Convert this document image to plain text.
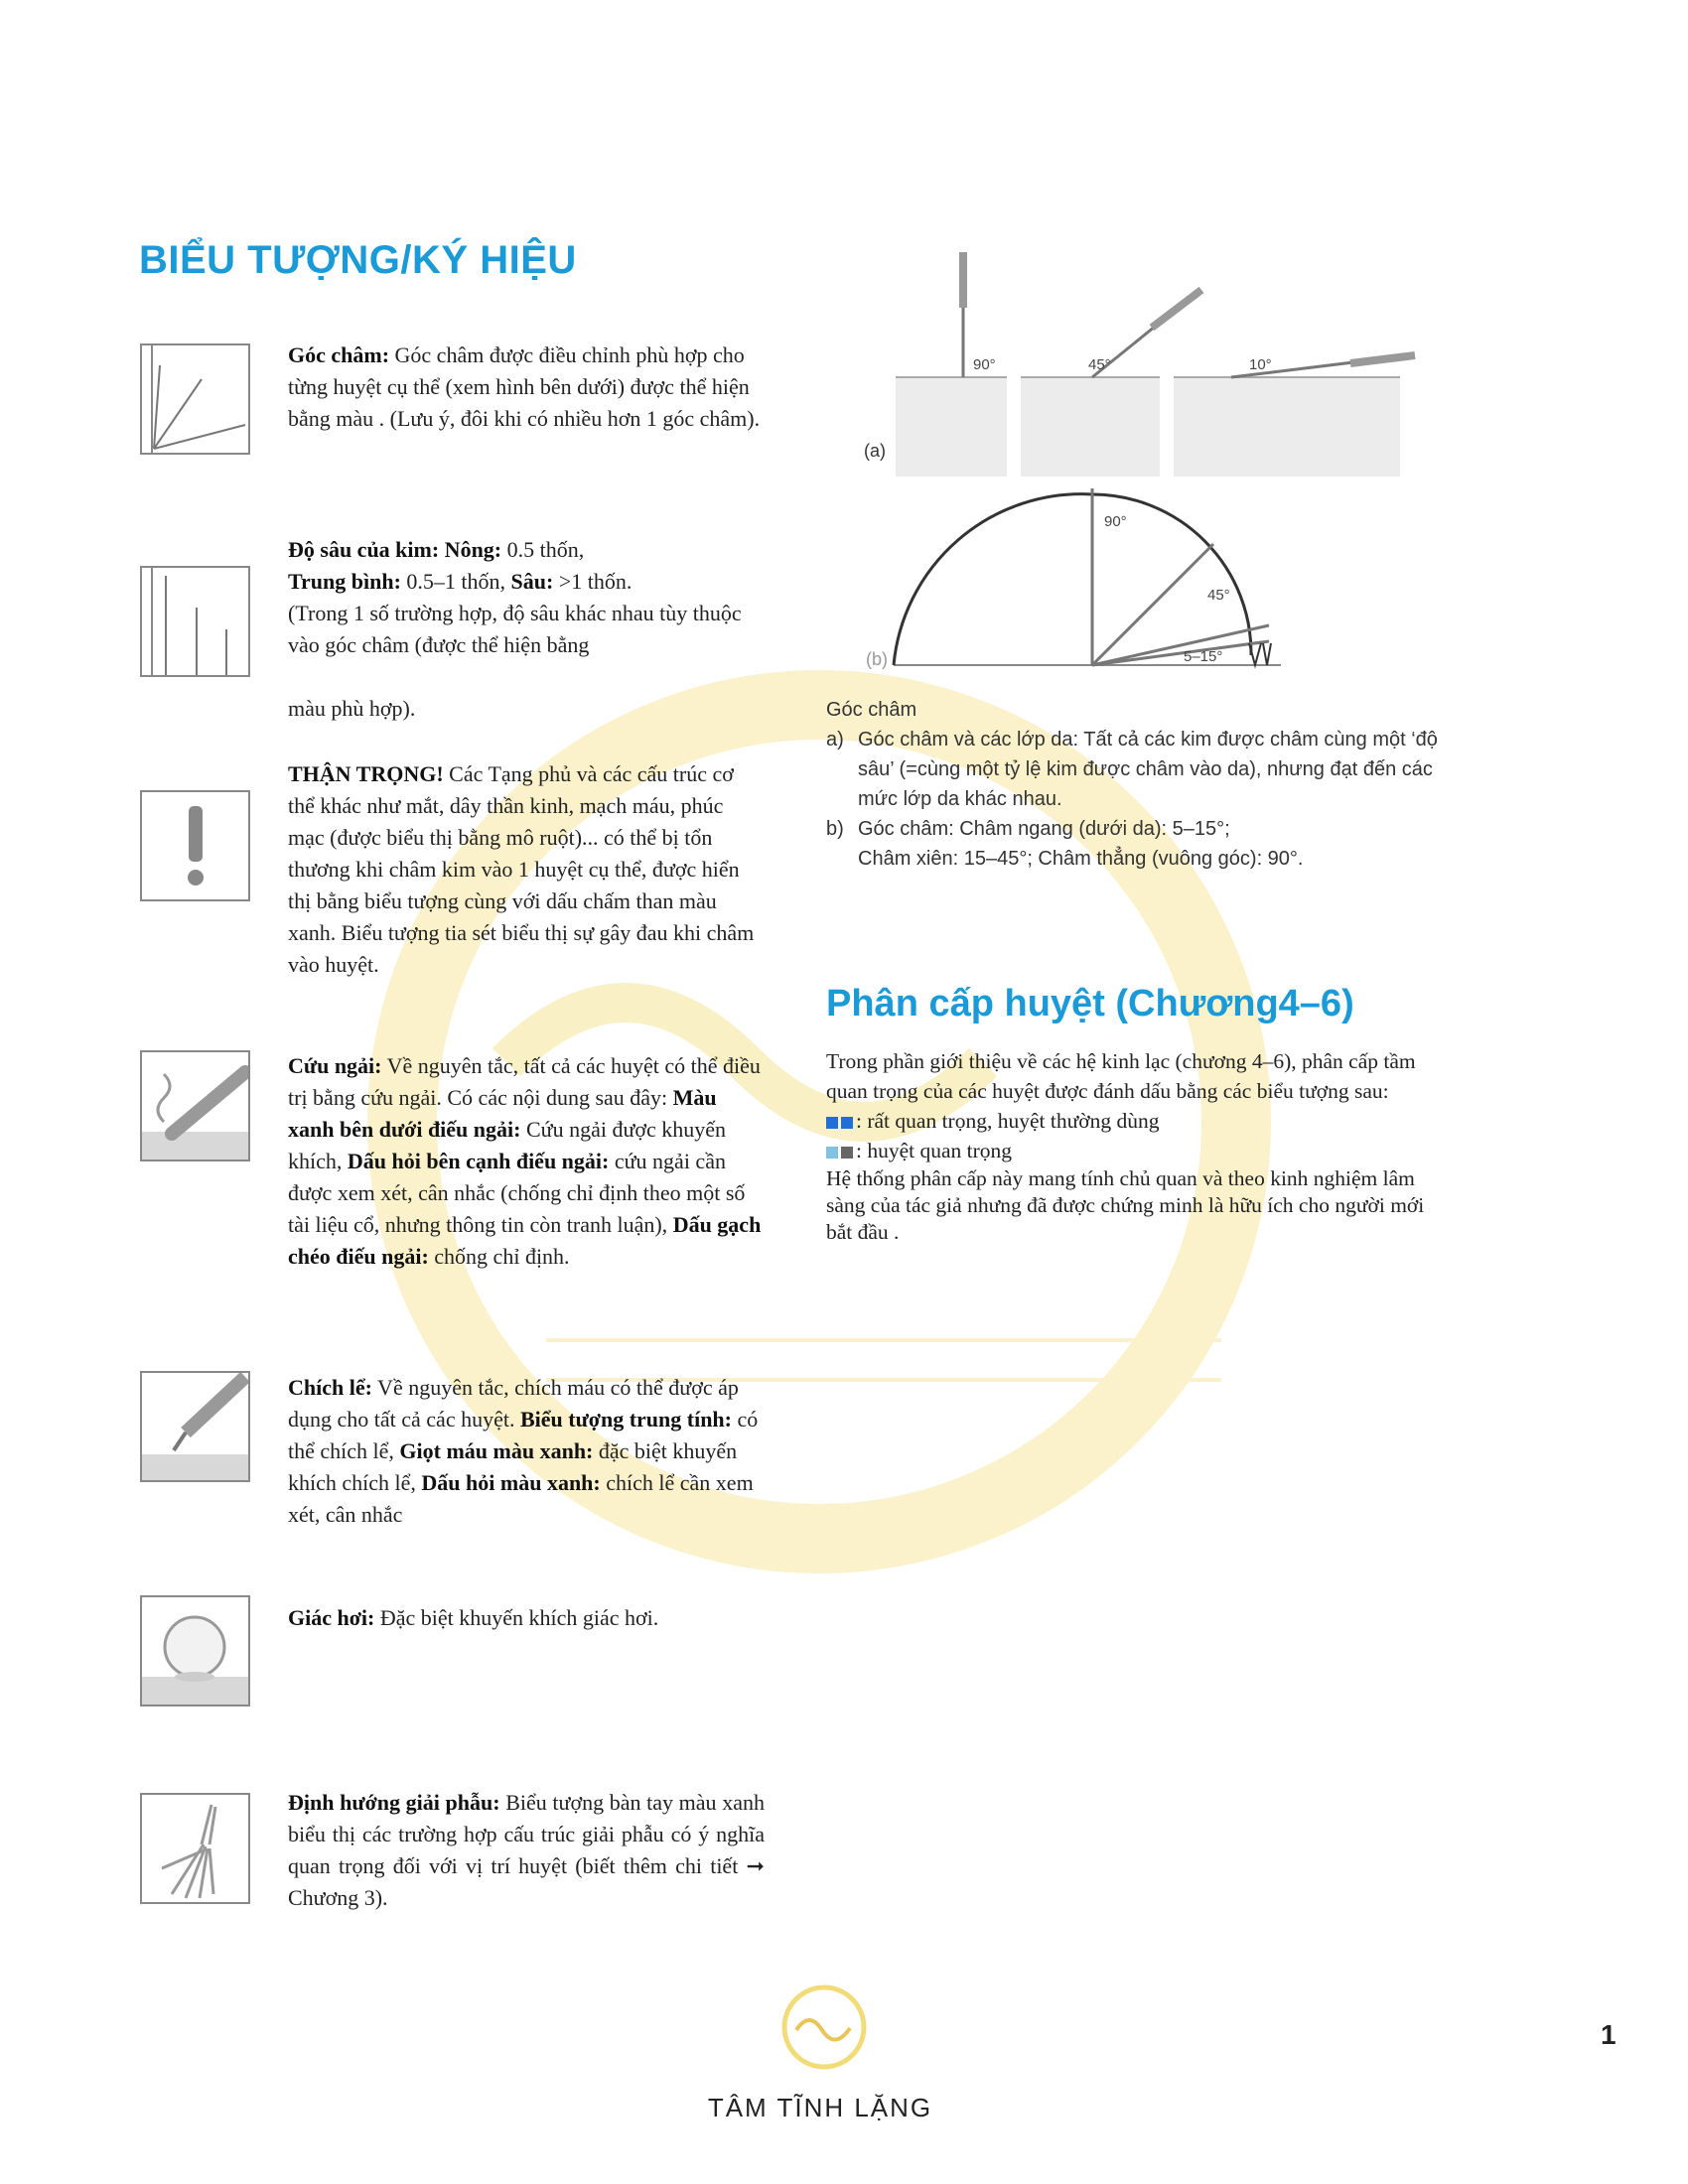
BIỂU TƯỢNG/KÝ HIỆU
Góc châm: Góc châm được điều chỉnh phù hợp cho từng huyệt cụ thể (xem hình bên dưới) được thể hiện bằng màu . (Lưu ý, đôi khi có nhiều hơn 1 góc châm).
Độ sâu của kim: Nông: 0.5 thốn,
Trung bình: 0.5–1 thốn, Sâu: >1 thốn.
(Trong 1 số trường hợp, độ sâu khác nhau tùy thuộc vào góc châm (được thể hiện bằng
màu phù hợp).
THẬN TRỌNG! Các Tạng phủ và các cấu trúc cơ thể khác như mắt, dây thần kinh, mạch máu, phúc mạc (được biểu thị bằng mô ruột)... có thể bị tổn thương khi châm kim vào 1 huyệt cụ thể, được hiển thị bằng biểu tượng cùng với dấu chấm than màu xanh. Biểu tượng tia sét biểu thị sự gây đau khi châm vào huyệt.
Cứu ngải: Về nguyên tắc, tất cả các huyệt có thể điều trị bằng cứu ngải. Có các nội dung sau đây: Màu xanh bên dưới điếu ngải: Cứu ngải được khuyến khích, Dấu hỏi bên cạnh điếu ngải: cứu ngải cần được xem xét, cân nhắc (chống chỉ định theo một số tài liệu cổ, nhưng thông tin còn tranh luận), Dấu gạch chéo điếu ngải: chống chỉ định.
Chích lể: Về nguyên tắc, chích máu có thể được áp dụng cho tất cả các huyệt. Biểu tượng trung tính: có thể chích lể, Giọt máu màu xanh: đặc biệt khuyến khích chích lể, Dấu hỏi màu xanh: chích lể cần xem xét, cân nhắc
Giác hơi: Đặc biệt khuyến khích giác hơi.
Định hướng giải phẫu: Biểu tượng bàn tay màu xanh biểu thị các trường hợp cấu trúc giải phẫu có ý nghĩa quan trọng đối với vị trí huyệt (biết thêm chi tiết ➞ Chương 3).
90°	45°	10°
(a)
90°
45°
5–15°
(b)
Góc châm
a) Góc châm và các lớp da: Tất cả các kim được châm cùng một ‘độ sâu’ (=cùng một tỷ lệ kim được châm vào da), nhưng đạt đến các mức lớp da khác nhau.
b) Góc châm: Châm ngang (dưới da): 5–15°;
Châm xiên: 15–45°; Châm thẳng (vuông góc): 90°.
Phân cấp huyệt (Chương4–6)
Trong phần giới thiệu về các hệ kinh lạc (chương 4–6), phân cấp tầm quan trọng của các huyệt được đánh dấu bằng các biểu tượng sau:
: rất quan trọng, huyệt thường dùng
: huyệt quan trọng
Hệ thống phân cấp này mang tính chủ quan và theo kinh nghiệm lâm sàng của tác giả nhưng đã được chứng minh là hữu ích cho người mới bắt đầu .
TÂM TĨNH LẶNG
1
